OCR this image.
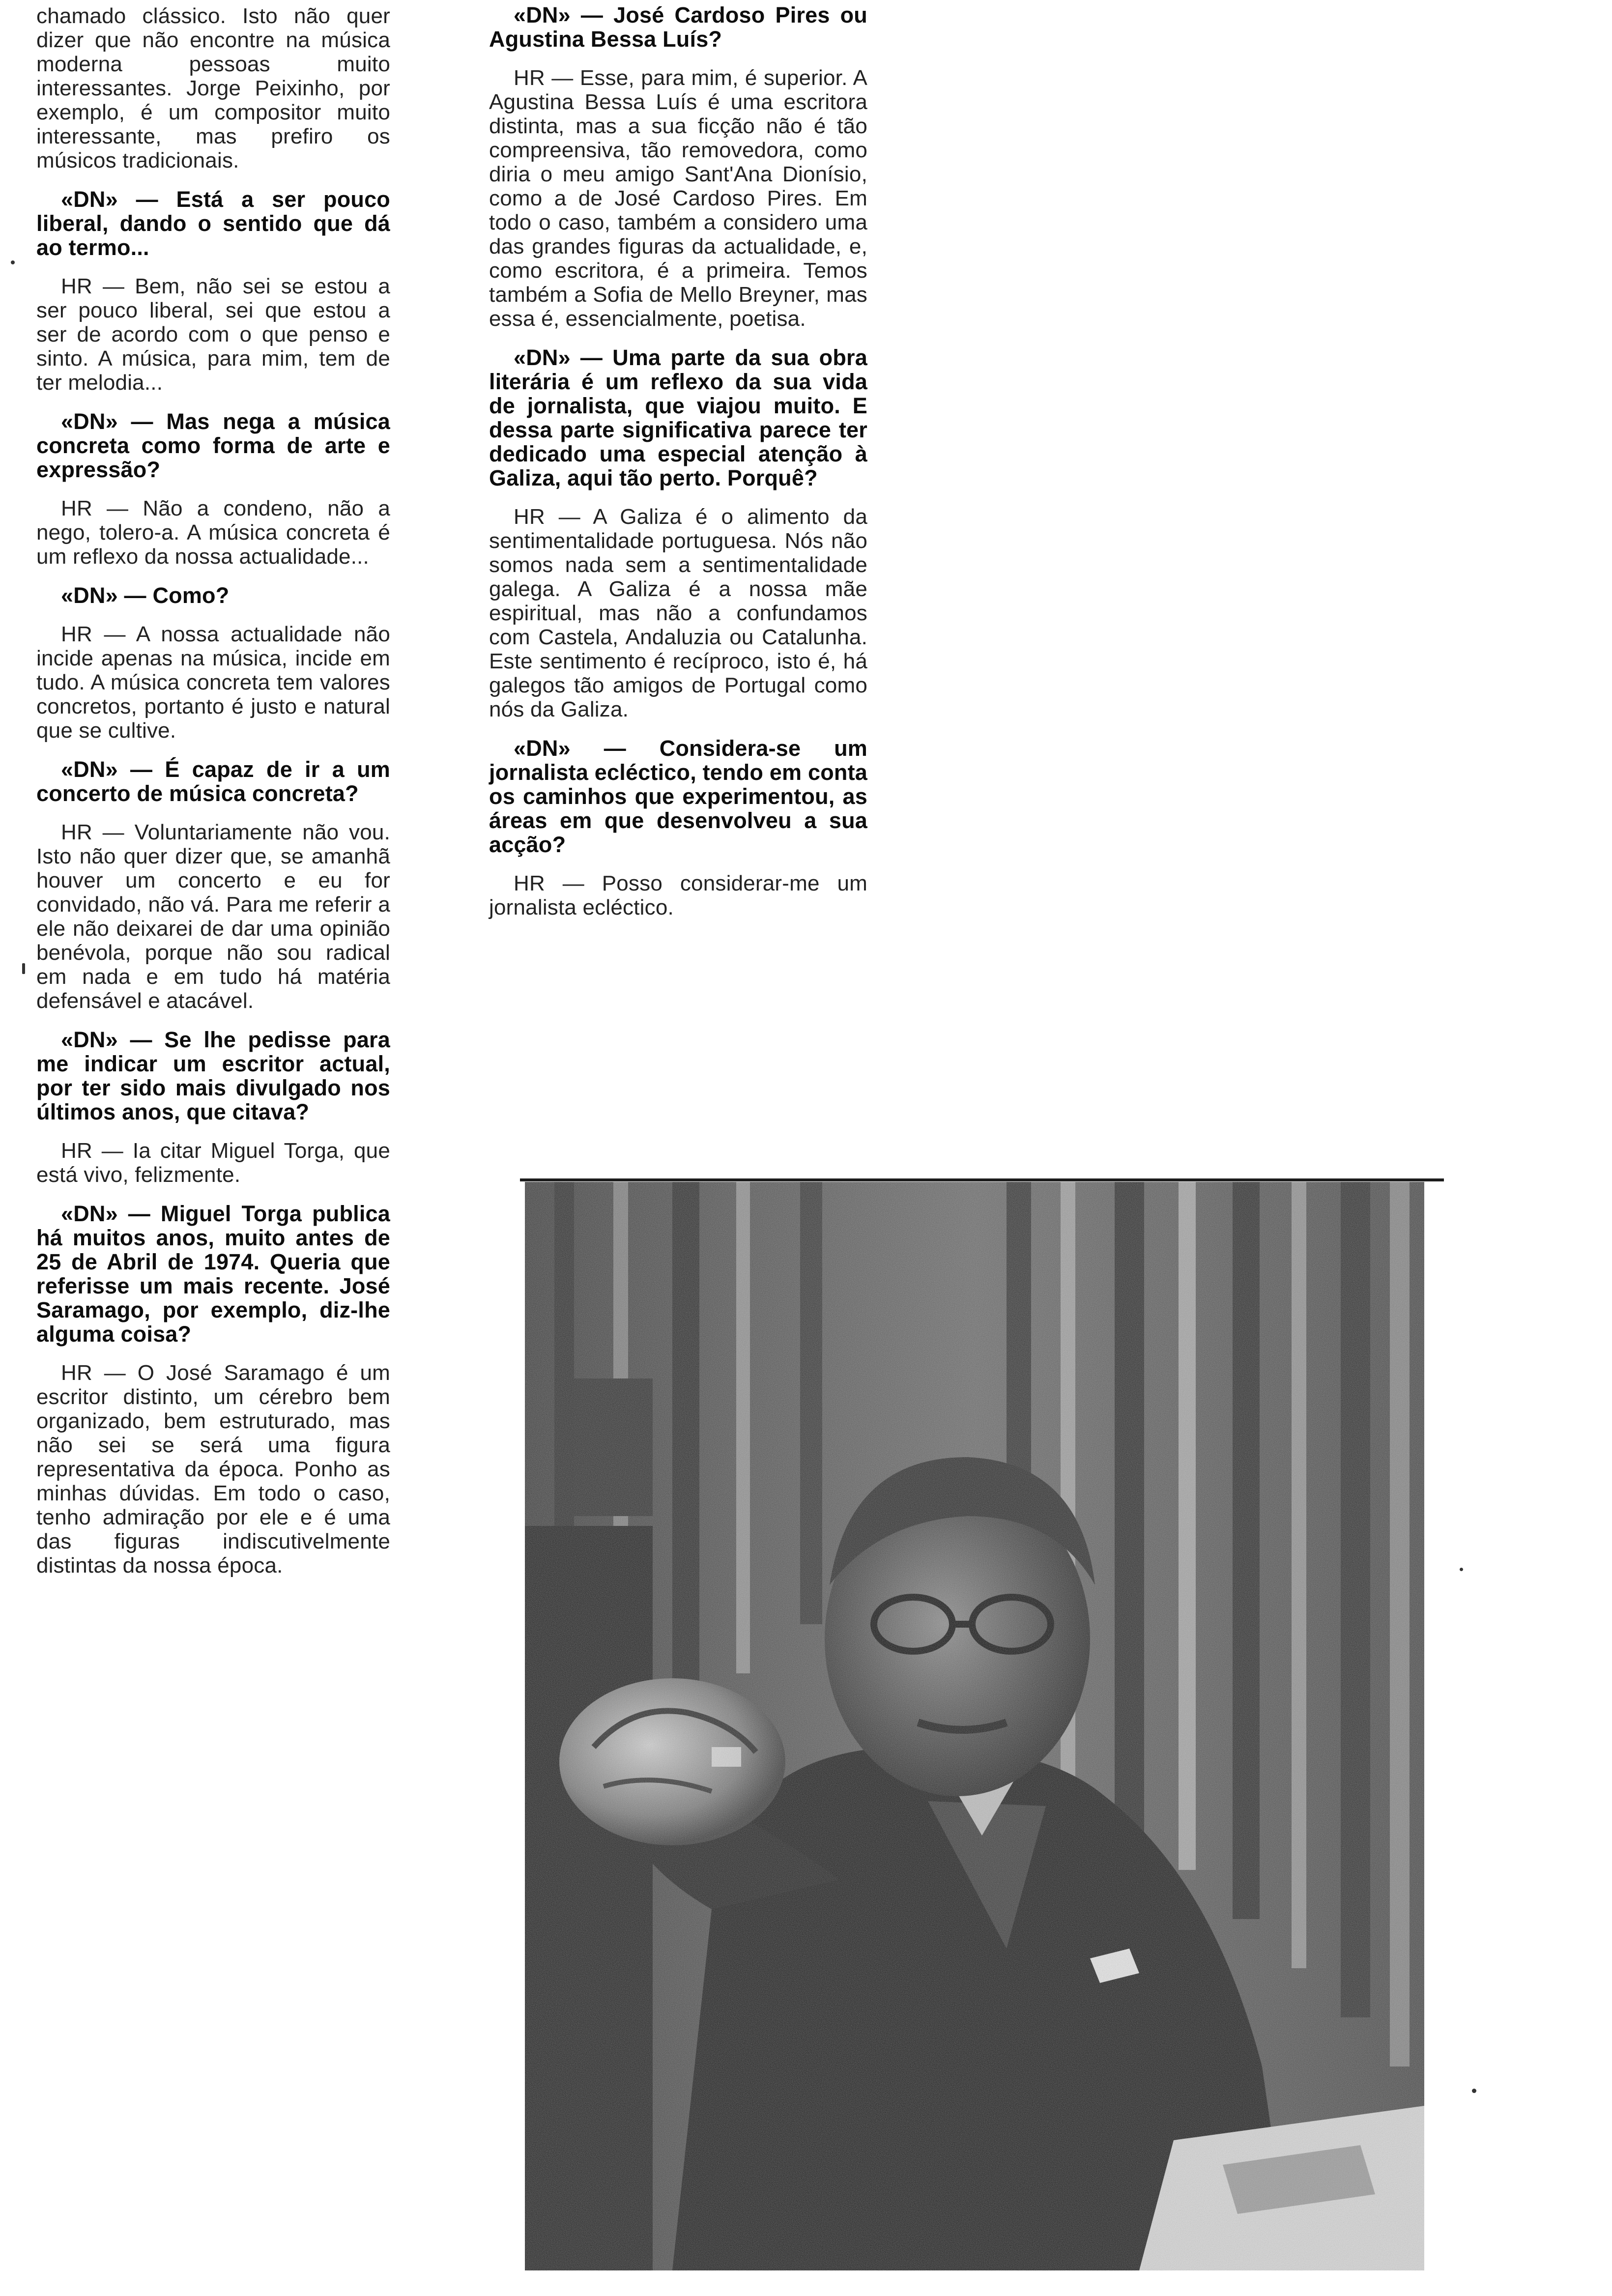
chamado clássico. Isto não quer dizer que não encontre na música moderna pessoas muito interessantes. Jorge Peixinho, por exemplo, é um compositor muito interessante, mas prefiro os músicos tradicionais.

«DN» — Está a ser pouco liberal, dando o sentido que dá ao termo...

HR — Bem, não sei se estou a ser pouco liberal, sei que estou a ser de acordo com o que penso e sinto. A música, para mim, tem de ter melodia...

«DN» — Mas nega a música concreta como forma de arte e expressão?

HR — Não a condeno, não a nego, tolero-a. A música concreta é um reflexo da nossa actualidade...

«DN» — Como?

HR — A nossa actualidade não incide apenas na música, incide em tudo. A música concreta tem valores concretos, portanto é justo e natural que se cultive.

«DN» — É capaz de ir a um concerto de música concreta?

HR — Voluntariamente não vou. Isto não quer dizer que, se amanhã houver um concerto e eu for convidado, não vá. Para me referir a ele não deixarei de dar uma opinião benévola, porque não sou radical em nada e em tudo há matéria defensável e atacável.

«DN» — Se lhe pedisse para me indicar um escritor actual, por ter sido mais divulgado nos últimos anos, que citava?

HR — Ia citar Miguel Torga, que está vivo, felizmente.

«DN» — Miguel Torga publica há muitos anos, muito antes de 25 de Abril de 1974. Queria que referisse um mais recente. José Saramago, por exemplo, diz-lhe alguma coisa?

HR — O José Saramago é um escritor distinto, um cérebro bem organizado, bem estruturado, mas não sei se será uma figura representativa da época. Ponho as minhas dúvidas. Em todo o caso, tenho admiração por ele e é uma das figuras indiscutivelmente distintas da nossa época.

«DN» — José Cardoso Pires ou Agustina Bessa Luís?

HR — Esse, para mim, é superior. A Agustina Bessa Luís é uma escritora distinta, mas a sua ficção não é tão compreensiva, tão removedora, como diria o meu amigo Sant'Ana Dionísio, como a de José Cardoso Pires. Em todo o caso, também a considero uma das grandes figuras da actualidade, e, como escritora, é a primeira. Temos também a Sofia de Mello Breyner, mas essa é, essencialmente, poetisa.

«DN» — Uma parte da sua obra literária é um reflexo da sua vida de jornalista, que viajou muito. E dessa parte significativa parece ter dedicado uma especial atenção à Galiza, aqui tão perto. Porquê?

HR — A Galiza é o alimento da sentimentalidade portuguesa. Nós não somos nada sem a sentimentalidade galega. A Galiza é a nossa mãe espiritual, mas não a confundamos com Castela, Andaluzia ou Catalunha. Este sentimento é recíproco, isto é, há galegos tão amigos de Portugal como nós da Galiza.

«DN» — Considera-se um jornalista ecléctico, tendo em conta os caminhos que experimentou, as áreas em que desenvolveu a sua acção?

HR — Posso considerar-me um jornalista ecléctico.
